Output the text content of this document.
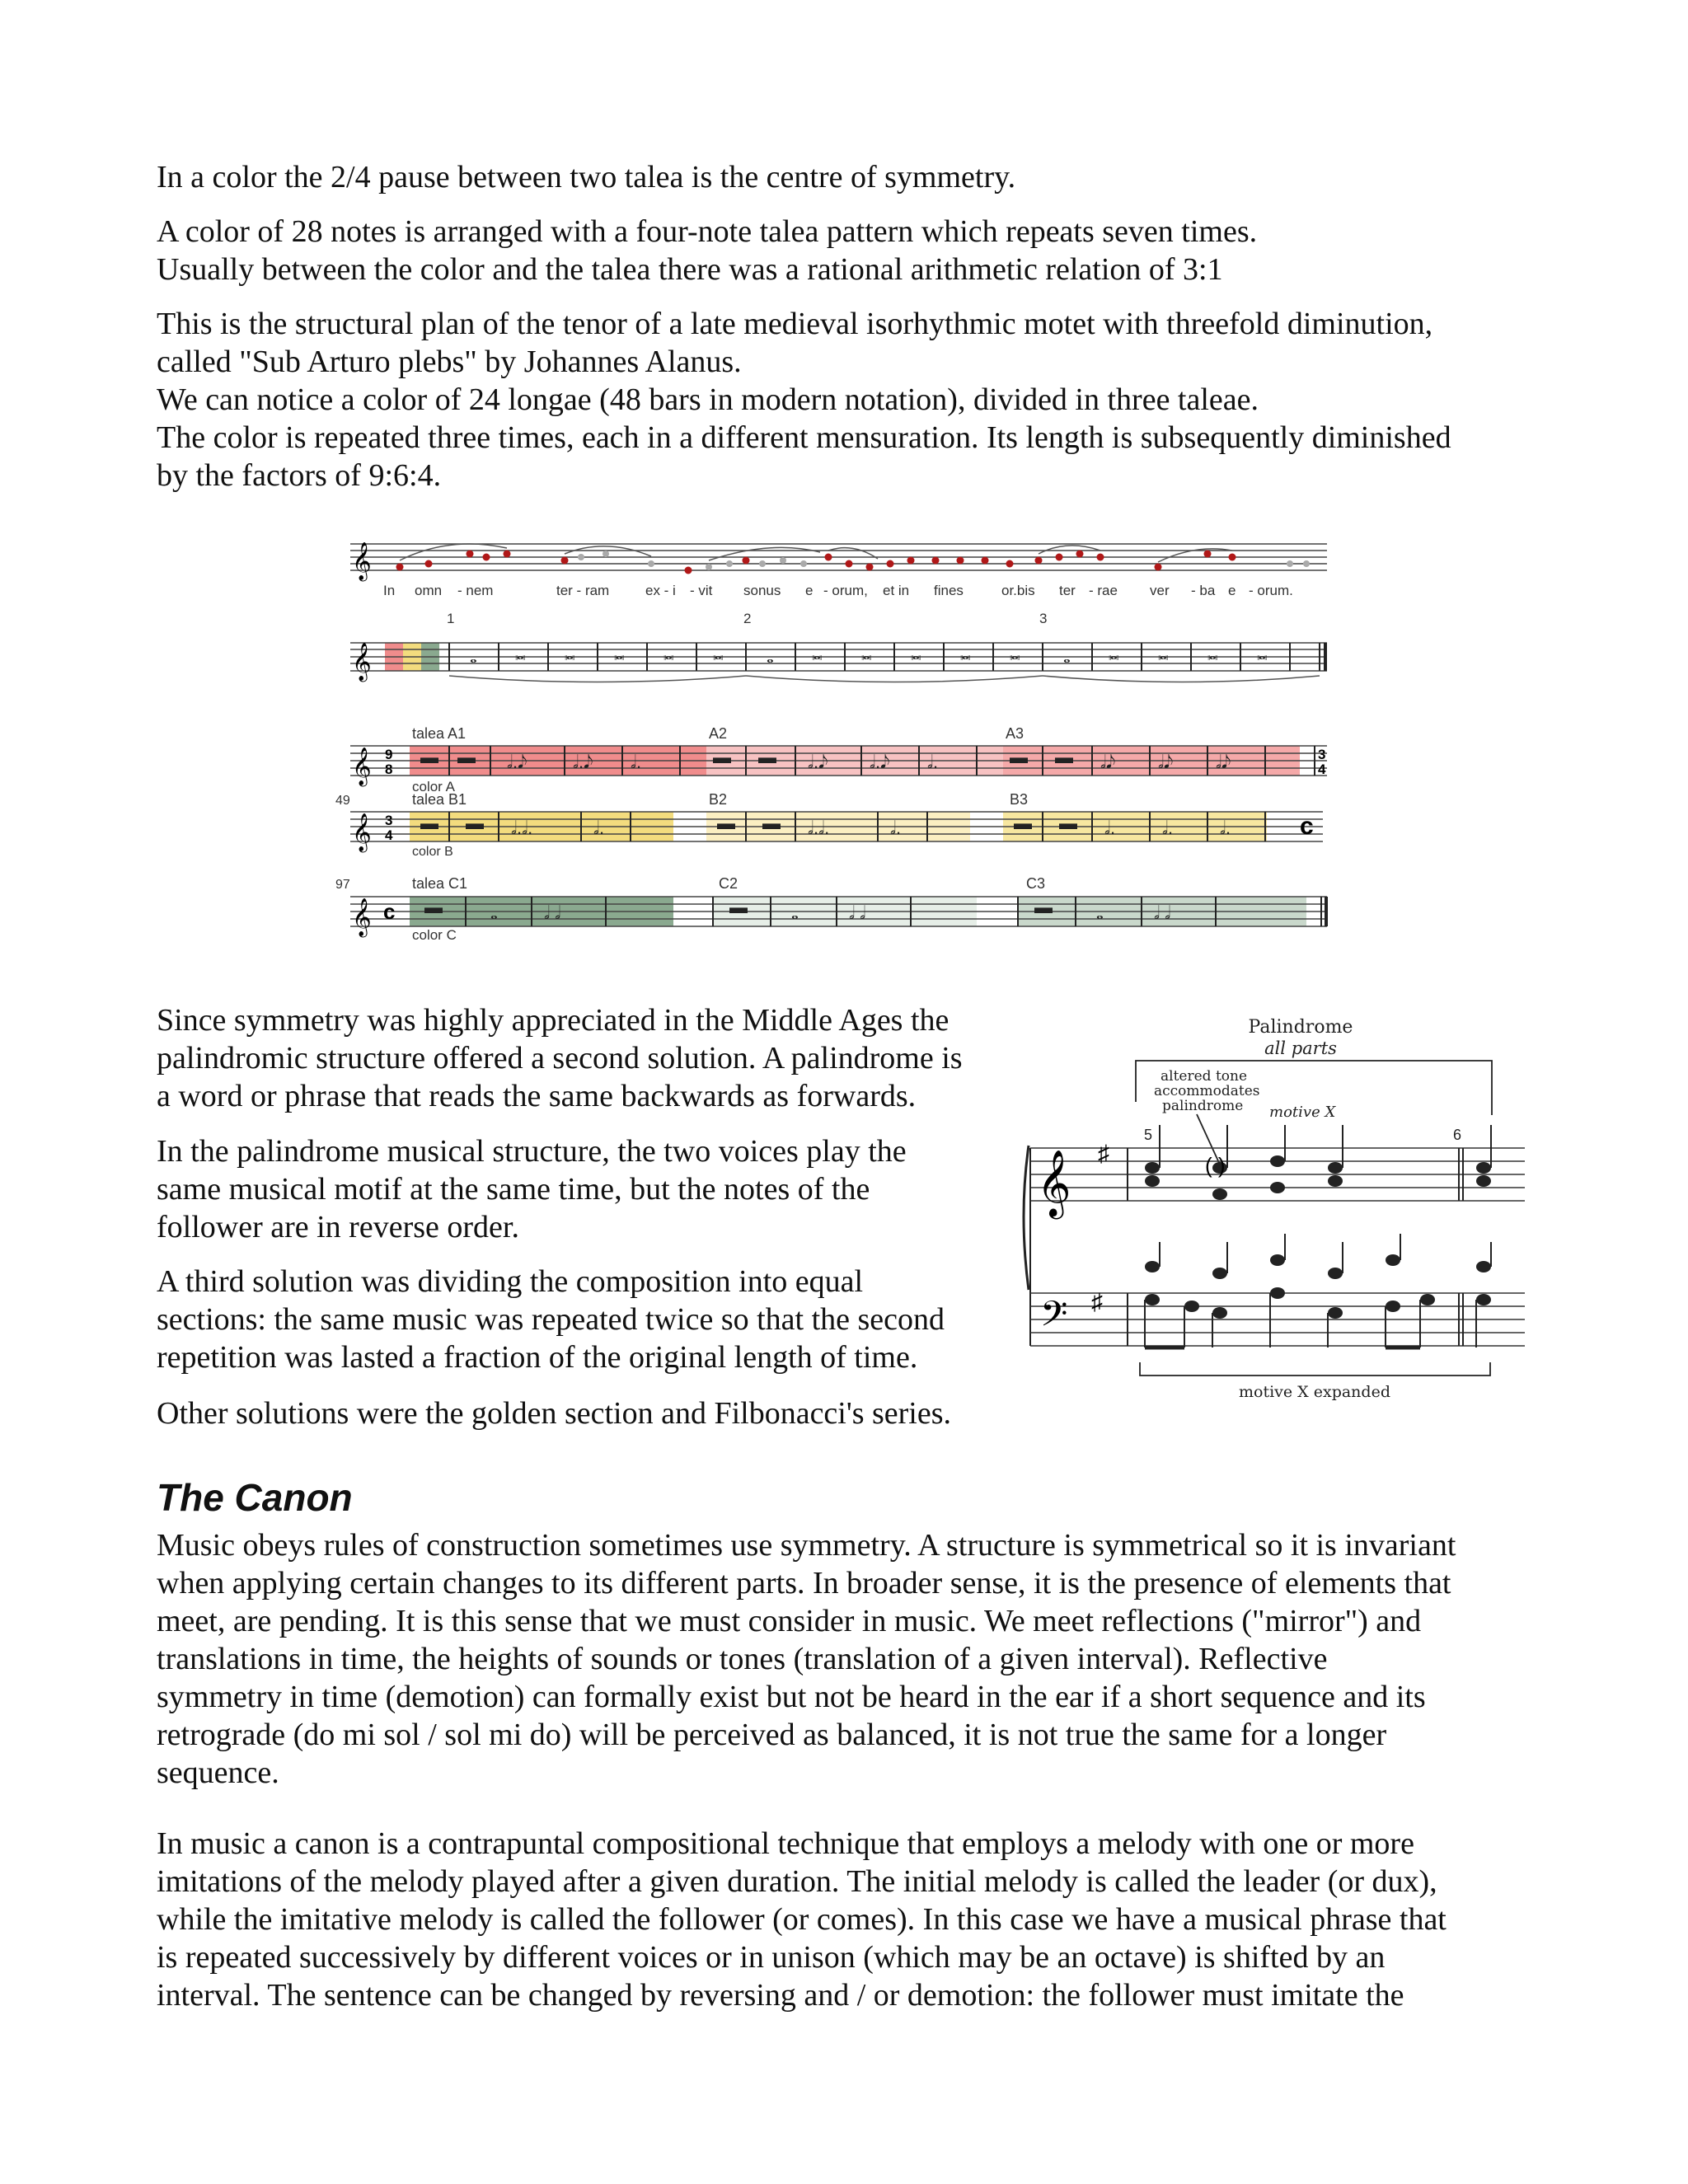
In a color the 2/4 pause between two talea is the centre of symmetry.

A color of 28 notes is arranged with a four-note talea pattern which repeats seven times.
Usually between the color and the talea there was a rational arithmetic relation of 3:1

This is the structural plan of the tenor of a late medieval isorhythmic motet with threefold diminution,
called "Sub Arturo plebs" by Johannes Alanus.
We can notice a color of 24 longae (48 bars in modern notation), divided in three taleae.
The color is repeated three times, each in a different mensuration. Its length is subsequently diminished
by the factors of 9:6:4.

𝄞
In omn - nem	ter - ram	ex - i - vit sonus e - orum, et in fines	or.bis ter - rae ver - ba e - orum.
1	2	3
𝄞	𝅝 𝅜 𝅜 𝅜 𝅜 𝅜 𝅝 𝅜 𝅜 𝅜 𝅜 𝅜 𝅝 𝅜 𝅜 𝅜 𝅜
talea A1	A2	A3
𝄞 9
8
▬ ▬ 𝅗𝅥.𝅘𝅥𝅮	𝅗𝅥.𝅘𝅥𝅮 𝅗𝅥.	▬ ▬ 𝅗𝅥.𝅘𝅥𝅮 𝅗𝅥.𝅘𝅥𝅮 𝅗𝅥.	▬ ▬ 𝅗𝅥𝅘𝅥𝅮 𝅗𝅥𝅘𝅥𝅮 𝅗𝅥𝅘𝅥𝅮	3
4
color A
49	talea B1	B2	B3
𝄞 3
4
▬ ▬ 𝅗𝅥.𝅗𝅥.	𝅗𝅥.	▬ ▬ 𝅗𝅥.𝅗𝅥.	𝅗𝅥.	▬ ▬ 𝅗𝅥.	𝅗𝅥.	𝅗𝅥.	c
color B
97	talea C1	C2	C3
𝄞 c ▬	𝅝	𝅗𝅥 𝅗𝅥	▬ 𝅝	𝅗𝅥 𝅗𝅥	▬ 𝅝	𝅗𝅥 𝅗𝅥
color C

Since symmetry was highly appreciated in the Middle Ages the
palindromic structure offered a second solution. A palindrome is
a word or phrase that reads the same backwards as forwards.

In the palindrome musical structure, the two voices play the
same musical motif at the same time, but the notes of the
follower are in reverse order.

A third solution was dividing the composition into equal
sections: the same music was repeated twice so that the second
repetition was lasted a fraction of the original length of time.

Other solutions were the golden section and Filbonacci's series.

Palindrome
all parts
altered tone
accommodates
palindrome motive X
5	6
𝄞 ♯	( )
𝄢 ♯
motive X expanded
The Canon

Music obeys rules of construction sometimes use symmetry. A structure is symmetrical so it is invariant
when applying certain changes to its different parts. In broader sense, it is the presence of elements that
meet, are pending. It is this sense that we must consider in music. We meet reflections ("mirror") and
translations in time, the heights of sounds or tones (translation of a given interval). Reflective
symmetry in time (demotion) can formally exist but not be heard in the ear if a short sequence and its
retrograde (do mi sol / sol mi do) will be perceived as balanced, it is not true the same for a longer
sequence.

In music a canon is a contrapuntal compositional technique that employs a melody with one or more
imitations of the melody played after a given duration. The initial melody is called the leader (or dux),
while the imitative melody is called the follower (or comes). In this case we have a musical phrase that
is repeated successively by different voices or in unison (which may be an octave) is shifted by an
interval. The sentence can be changed by reversing and / or demotion: the follower must imitate the
